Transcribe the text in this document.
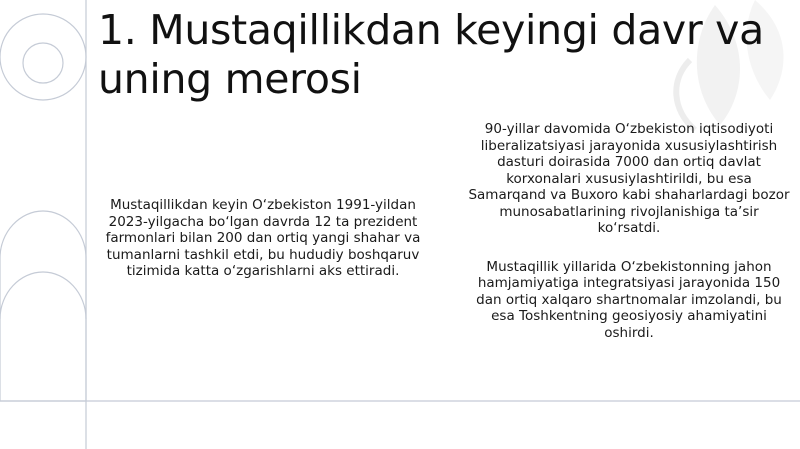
1. Mustaqillikdan keyingi davr va uning merosi

Mustaqillikdan keyin O‘zbekiston 1991-yildan 2023-yilgacha bo‘lgan davrda 12 ta prezident farmonlari bilan 200 dan ortiq yangi shahar va tumanlarni tashkil etdi, bu hududiy boshqaruv tizimida katta o‘zgarishlarni aks ettiradi.

90-yillar davomida O‘zbekiston iqtisodiyoti liberalizatsiyasi jarayonida xususiylashtirish dasturi doirasida 7000 dan ortiq davlat korxonalari xususiylashtirildi, bu esa Samarqand va Buxoro kabi shaharlardagi bozor munosabatlarining rivojlanishiga ta’sir ko‘rsatdi.

Mustaqillik yillarida O‘zbekistonning jahon hamjamiyatiga integratsiyasi jarayonida 150 dan ortiq xalqaro shartnomalar imzolandi, bu esa Toshkentning geosiyosiy ahamiyatini oshirdi.
